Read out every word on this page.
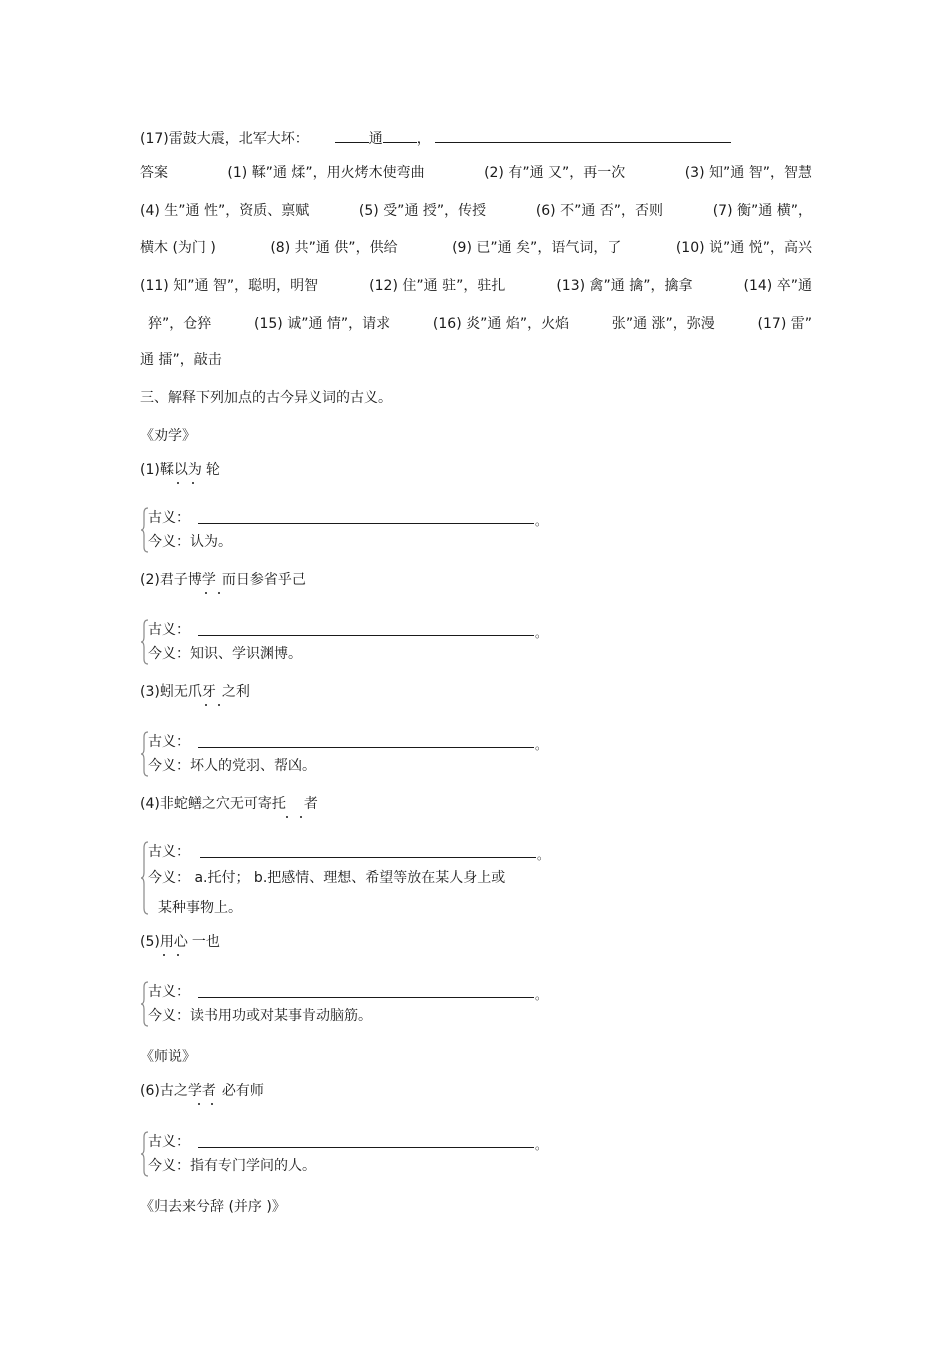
(17)雷鼓大震，北军大坏：	通 ，
答案	(1) 鞣”通 煣”，用火烤木使弯曲	(2) 有”通 又”，再一次	(3) 知”通 智”，智慧
(4) 生”通 性”，资质、禀赋	(5) 受”通 授”，传授	(6) 不”通 否”，否则	(7) 衡”通 横”，
横木 (为门 )	(8) 共”通 供”，供给	(9) 已”通 矣”，语气词，了	(10) 说”通 悦”，高兴
(11) 知”通 智”，聪明，明智	(12) 住”通 驻”，驻扎	(13) 禽”通 擒”，擒拿	(14) 卒”通
猝”，仓猝	(15) 诚”通 情”，请求	(16) 炎”通 焰”，火焰	张”通 涨”，弥漫	(17) 雷”
通 擂”，敲击
三、解释下列加点的古今异义词的古义。
《劝学》
(1)鞣以为 轮
古义：	。
今义：认为。
(2)君子博学 而日参省乎己
古义：	。
今义：知识、学识渊博。
(3)蚓无爪牙 之利
古义：	。
今义：坏人的党羽、帮凶。
(4)非蛇鳝之穴无可寄托 者
古义：	。
今义： a.托付； b.把感情、理想、希望等放在某人身上或
某种事物上。
(5)用心 一也
古义：	。
今义：读书用功或对某事肯动脑筋。
《师说》
(6)古之学者 必有师
古义：	。
今义：指有专门学问的人。
《归去来兮辞 (并序 )》
